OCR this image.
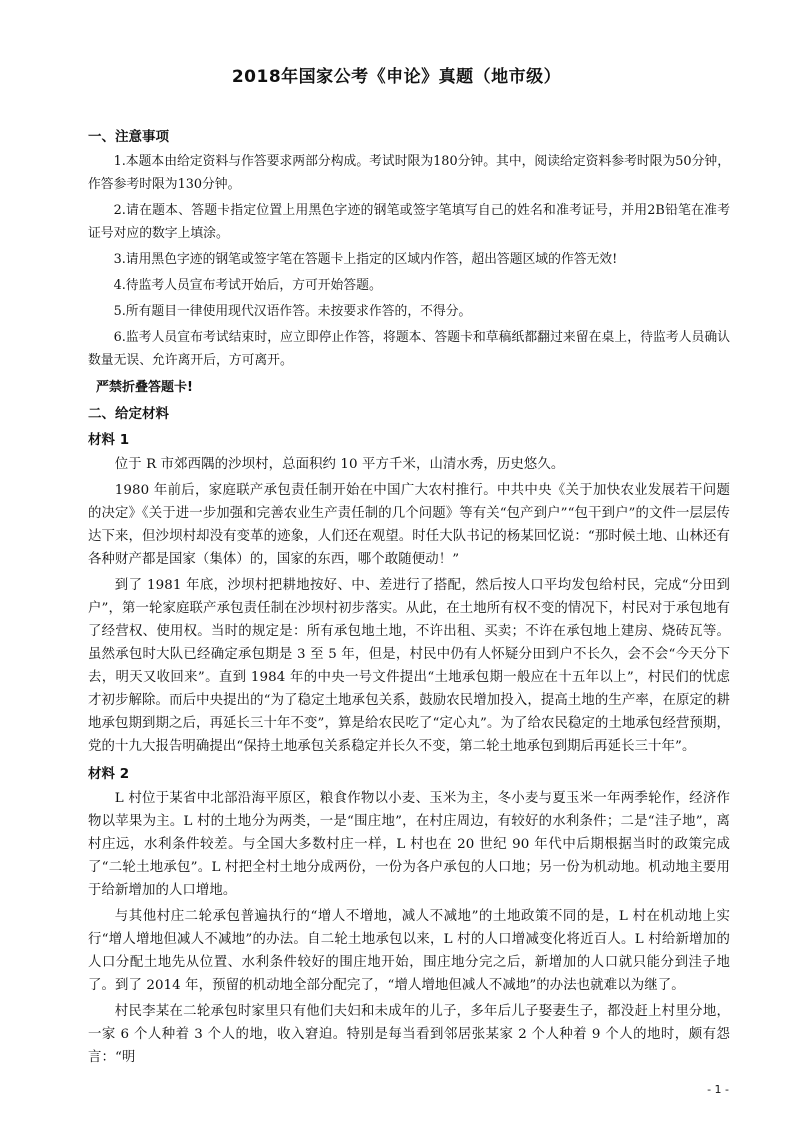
2018年国家公考《申论》真题（地市级）
一、注意事项

1.本题本由给定资料与作答要求两部分构成。考试时限为180分钟。其中，阅读给定资料参考时限为50分钟，作答参考时限为130分钟。

2.请在题本、答题卡指定位置上用黑色字迹的钢笔或签字笔填写自己的姓名和准考证号，并用2B铅笔在准考证号对应的数字上填涂。

3.请用黑色字迹的钢笔或签字笔在答题卡上指定的区域内作答，超出答题区域的作答无效!

4.待监考人员宣布考试开始后，方可开始答题。

5.所有题目一律使用现代汉语作答。未按要求作答的，不得分。

6.监考人员宣布考试结束时，应立即停止作答，将题本、答题卡和草稿纸都翻过来留在桌上，待监考人员确认数量无误、允许离开后，方可离开。

严禁折叠答题卡!

二、给定材料
材料 1

位于 R 市郊西隅的沙坝村，总面积约 10 平方千米，山清水秀，历史悠久。

1980 年前后，家庭联产承包责任制开始在中国广大农村推行。中共中央《关于加快农业发展若干问题的决定》《关于进一步加强和完善农业生产责任制的几个问题》等有关“包产到户”“包干到户”的文件一层层传达下来，但沙坝村却没有变革的迹象，人们还在观望。时任大队书记的杨某回忆说：“那时候土地、山林还有各种财产都是国家（集体）的，国家的东西，哪个敢随便动！”

到了 1981 年底，沙坝村把耕地按好、中、差进行了搭配，然后按人口平均发包给村民，完成“分田到户”，第一轮家庭联产承包责任制在沙坝村初步落实。从此，在土地所有权不变的情况下，村民对于承包地有了经营权、使用权。当时的规定是：所有承包地土地，不许出租、买卖；不许在承包地上建房、烧砖瓦等。虽然承包时大队已经确定承包期是 3 至 5 年，但是，村民中仍有人怀疑分田到户不长久，会不会“今天分下去，明天又收回来”。直到 1984 年的中央一号文件提出“土地承包期一般应在十五年以上”，村民们的忧虑才初步解除。而后中央提出的“为了稳定土地承包关系，鼓励农民增加投入，提高土地的生产率，在原定的耕地承包期到期之后，再延长三十年不变”，算是给农民吃了“定心丸”。为了给农民稳定的土地承包经营预期，党的十九大报告明确提出“保持土地承包关系稳定并长久不变，第二轮土地承包到期后再延长三十年”。

材料 2

L 村位于某省中北部沿海平原区，粮食作物以小麦、玉米为主，冬小麦与夏玉米一年两季轮作，经济作物以苹果为主。L 村的土地分为两类，一是“围庄地”，在村庄周边，有较好的水利条件；二是“洼子地”，离村庄远，水利条件较差。与全国大多数村庄一样，L 村也在 20 世纪 90 年代中后期根据当时的政策完成了“二轮土地承包”。L 村把全村土地分成两份，一份为各户承包的人口地；另一份为机动地。机动地主要用于给新增加的人口增地。

与其他村庄二轮承包普遍执行的“增人不增地，减人不减地”的土地政策不同的是，L 村在机动地上实行“增人增地但减人不减地”的办法。自二轮土地承包以来，L 村的人口增减变化将近百人。L 村给新增加的人口分配土地先从位置、水利条件较好的围庄地开始，围庄地分完之后，新增加的人口就只能分到洼子地了。到了 2014 年，预留的机动地全部分配完了，“增人增地但减人不减地”的办法也就难以为继了。

村民李某在二轮承包时家里只有他们夫妇和未成年的儿子，多年后儿子娶妻生子，都没赶上村里分地，一家 6 个人种着 3 个人的地，收入窘迫。特别是每当看到邻居张某家 2 个人种着 9 个人的地时，颇有怨言：“明

- 1 -
